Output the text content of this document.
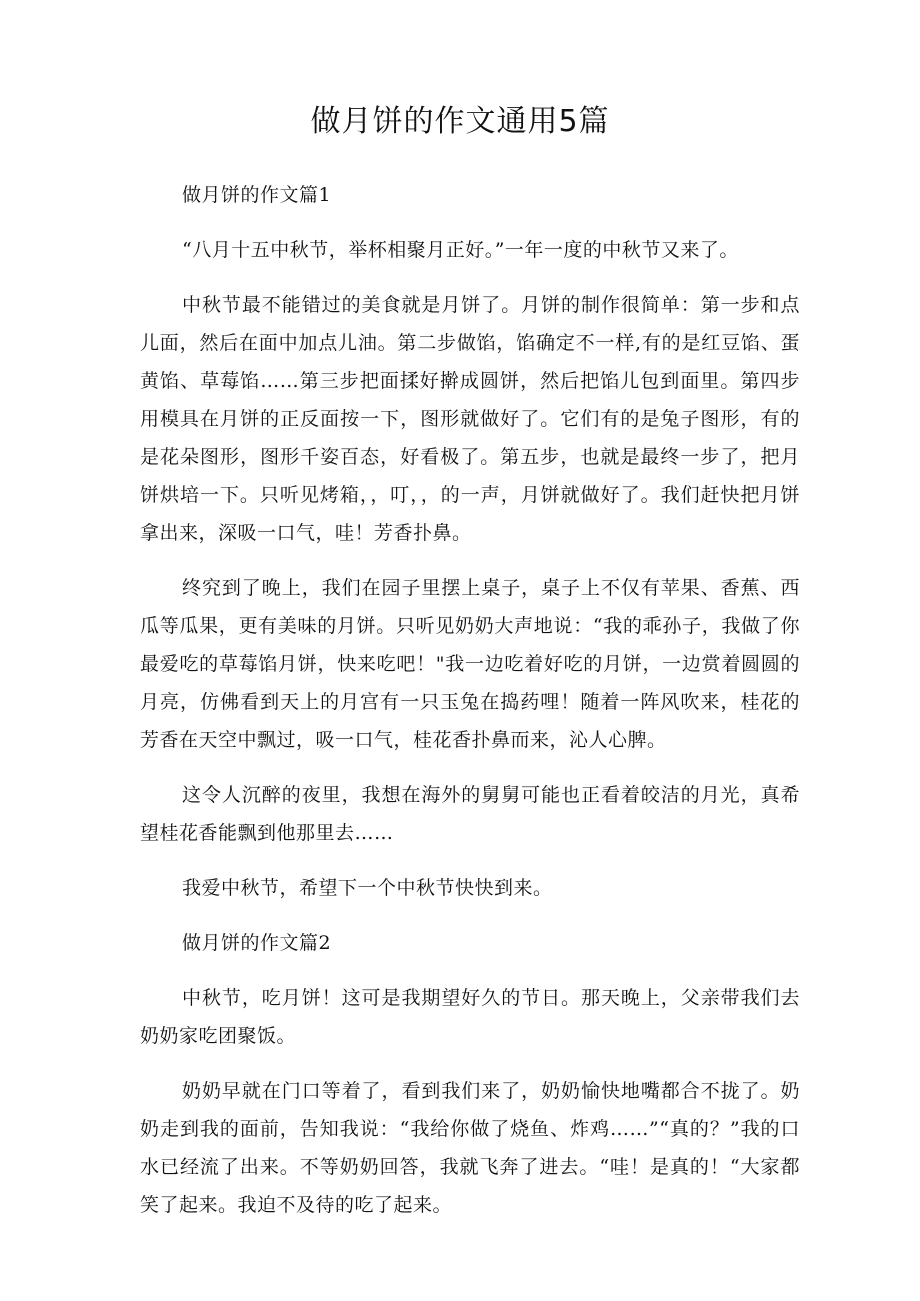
做月饼的作文通用5篇
做月饼的作文篇1

“八月十五中秋节，举杯相聚月正好。”一年一度的中秋节又来了。

中秋节最不能错过的美食就是月饼了。月饼的制作很简单：第一步和点儿面，然后在面中加点儿油。第二步做馅，馅确定不一样,有的是红豆馅、蛋黄馅、草莓馅……第三步把面揉好擀成圆饼，然后把馅儿包到面里。第四步用模具在月饼的正反面按一下，图形就做好了。它们有的是兔子图形，有的是花朵图形，图形千姿百态，好看极了。第五步，也就是最终一步了，把月饼烘培一下。只听见烤箱，，叮，，的一声，月饼就做好了。我们赶快把月饼拿出来，深吸一口气，哇！芳香扑鼻。

终究到了晚上，我们在园子里摆上桌子，桌子上不仅有苹果、香蕉、西瓜等瓜果，更有美味的月饼。只听见奶奶大声地说：“我的乖孙子，我做了你最爱吃的草莓馅月饼，快来吃吧！"我一边吃着好吃的月饼，一边赏着圆圆的月亮，仿佛看到天上的月宫有一只玉兔在捣药哩！随着一阵风吹来，桂花的芳香在天空中飘过，吸一口气，桂花香扑鼻而来，沁人心脾。

这令人沉醉的夜里，我想在海外的舅舅可能也正看着皎洁的月光，真希望桂花香能飘到他那里去……

我爱中秋节，希望下一个中秋节快快到来。

做月饼的作文篇2

中秋节，吃月饼！这可是我期望好久的节日。那天晚上，父亲带我们去奶奶家吃团聚饭。

奶奶早就在门口等着了，看到我们来了，奶奶愉快地嘴都合不拢了。奶奶走到我的面前，告知我说：“我给你做了烧鱼、炸鸡……”“真的？”我的口水已经流了出来。不等奶奶回答，我就飞奔了进去。“哇！是真的！“大家都笑了起来。我迫不及待的吃了起来。
